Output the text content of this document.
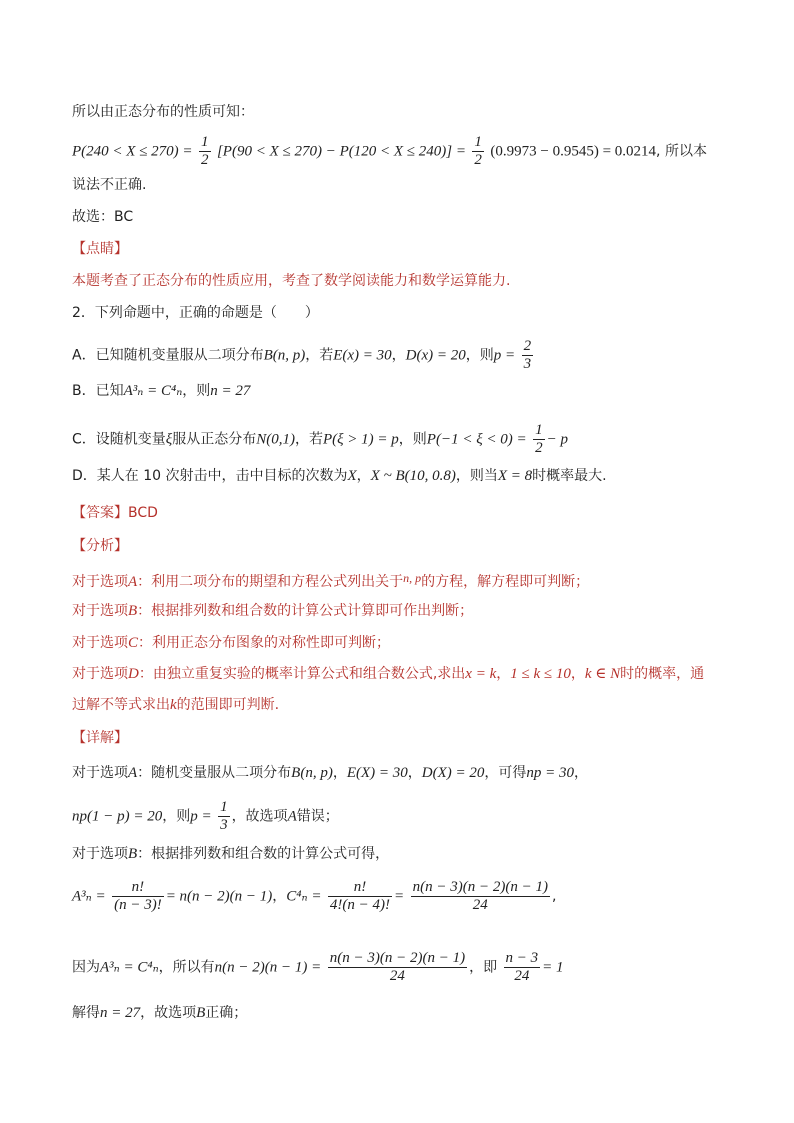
所以由正态分布的性质可知：
$P(240 < X \le 270) = \frac{1}{2} [P(90 < X \le 270) - P(120 < X \le 240)] = \frac{1}{2} (0.9973 - 0.9545) = 0.0214$, 所以本
说法不正确.
故选：BC
【点睛】
本题考查了正态分布的性质应用，考查了数学阅读能力和数学运算能力.
2．下列命题中，正确的命题是（　　）
A．已知随机变量服从二项分布B(n, p)，若E(x) = 30，D(x) = 20，则$p = \frac{2}{3}$
B．已知A³ₙ = C⁴ₙ，则n = 27
C．设随机变量ξ服从正态分布N(0,1)，若P(ξ > 1) = p，则$P(-1 < \xi < 0) = \frac{1}{2} - p$
D．某人在 10 次射击中，击中目标的次数为X，X ~ B(10, 0.8)，则当X = 8时概率最大.
【答案】BCD
【分析】
对于选项A：利用二项分布的期望和方程公式列出关于n, p的方程，解方程即可判断；
对于选项B：根据排列数和组合数的计算公式计算即可作出判断；
对于选项C：利用正态分布图象的对称性即可判断；
对于选项D：由独立重复实验的概率计算公式和组合数公式,求出x = k，1 ≤ k ≤ 10，k ∈ N时的概率，通
过解不等式求出k的范围即可判断.
【详解】
对于选项A：随机变量服从二项分布B(n, p)，E(X) = 30，D(X) = 20，可得np = 30，
np(1 − p) = 20，则$p = \frac{1}{3}$ ，故选项A错误；
对于选项B：根据排列数和组合数的计算公式可得，
$A^3_n = \frac{n!}{(n - 3)!} = n(n - 2)(n - 1)$，$C^4_n = \frac{n!}{4!(n - 4)!} = \frac{n(n - 3)(n - 2)(n - 1)}{24}$ ,
因为A³ₙ = C⁴ₙ，所以有$n(n - 2)(n - 1) = \frac{n(n - 3)(n - 2)(n - 1)}{24}$ ，即 $\frac{n - 3}{24} = 1$
解得n = 27，故选项B正确；
